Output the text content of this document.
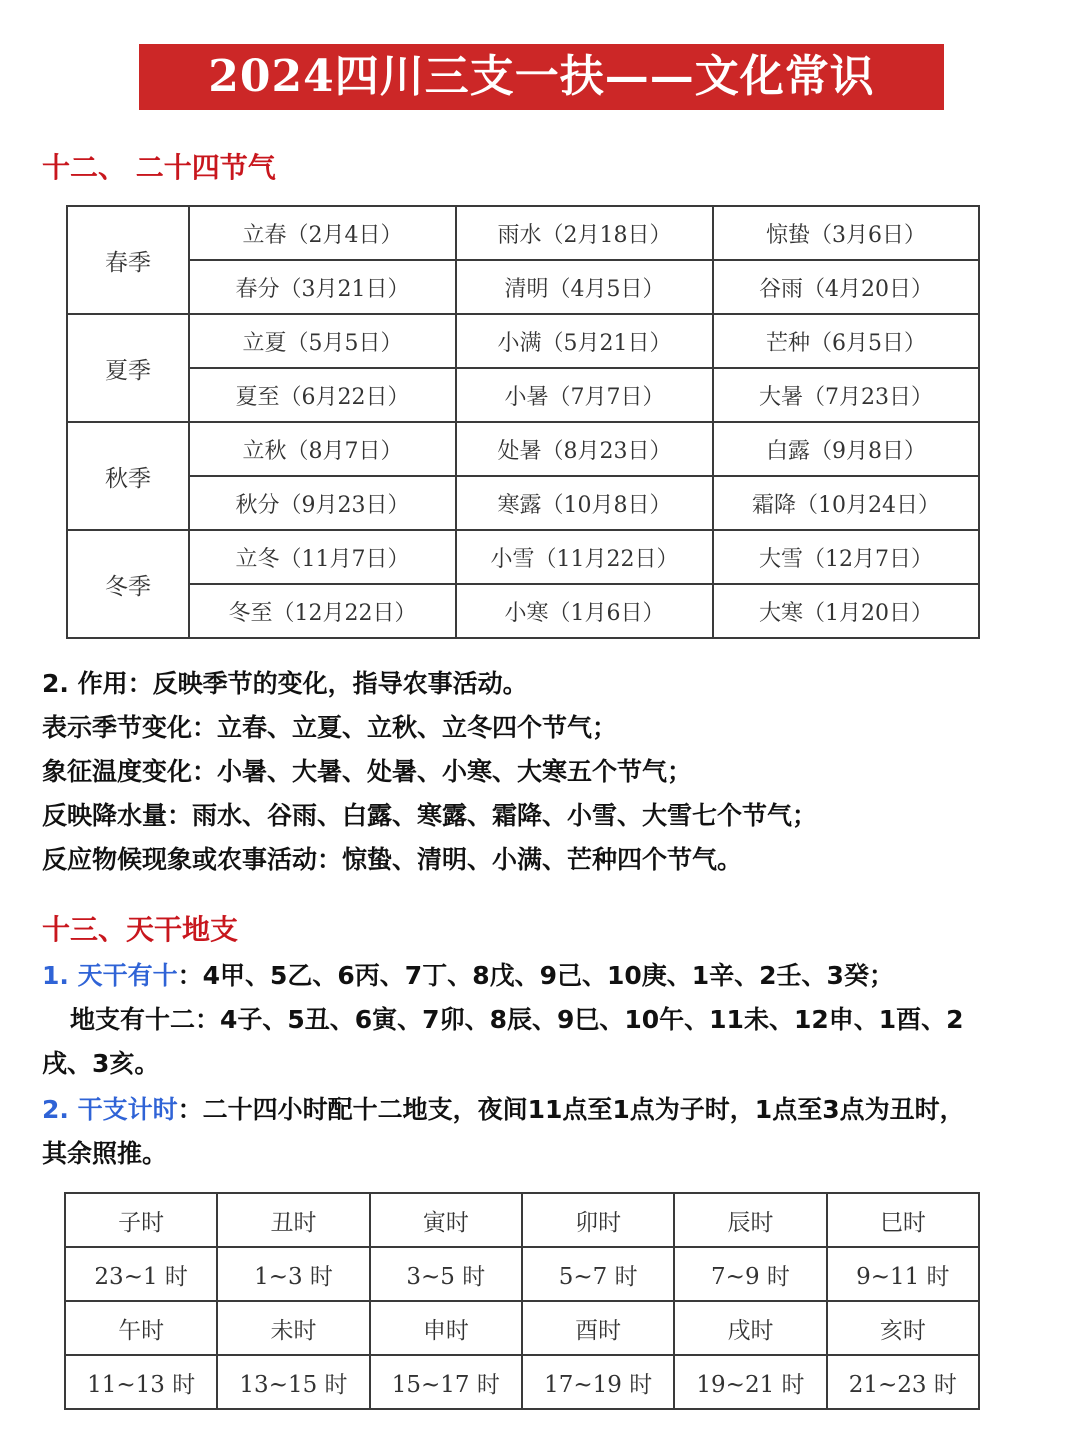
2024四川三支一扶——文化常识
十二、 二十四节气
春季	立春（2月4日）	雨水（2月18日）	惊蛰（3月6日）
	春分（3月21日）	清明（4月5日）	谷雨（4月20日）
夏季	立夏（5月5日）	小满（5月21日）	芒种（6月5日）
	夏至（6月22日）	小暑（7月7日）	大暑（7月23日）
秋季	立秋（8月7日）	处暑（8月23日）	白露（9月8日）
	秋分（9月23日）	寒露（10月8日）	霜降（10月24日）
冬季	立冬（11月7日）	小雪（11月22日）	大雪（12月7日）
	冬至（12月22日）	小寒（1月6日）	大寒（1月20日）
2. 作用：反映季节的变化，指导农事活动。
表示季节变化：立春、立夏、立秋、立冬四个节气；
象征温度变化：小暑、大暑、处暑、小寒、大寒五个节气；
反映降水量：雨水、谷雨、白露、寒露、霜降、小雪、大雪七个节气；
反应物候现象或农事活动：惊蛰、清明、小满、芒种四个节气。
十三、天干地支
1. 天干有十：4甲、5乙、6丙、7丁、8戊、9己、10庚、1辛、2壬、3癸；
地支有十二：4子、5丑、6寅、7卯、8辰、9巳、10午、11未、12申、1酉、2
戌、3亥。
2. 干支计时：二十四小时配十二地支，夜间11点至1点为子时，1点至3点为丑时，
其余照推。
子时	丑时	寅时	卯时	辰时	巳时
23~1 时	1~3 时	3~5 时	5~7 时	7~9 时	9~11 时
午时	未时	申时	酉时	戌时	亥时
11~13 时	13~15 时	15~17 时	17~19 时	19~21 时	21~23 时
